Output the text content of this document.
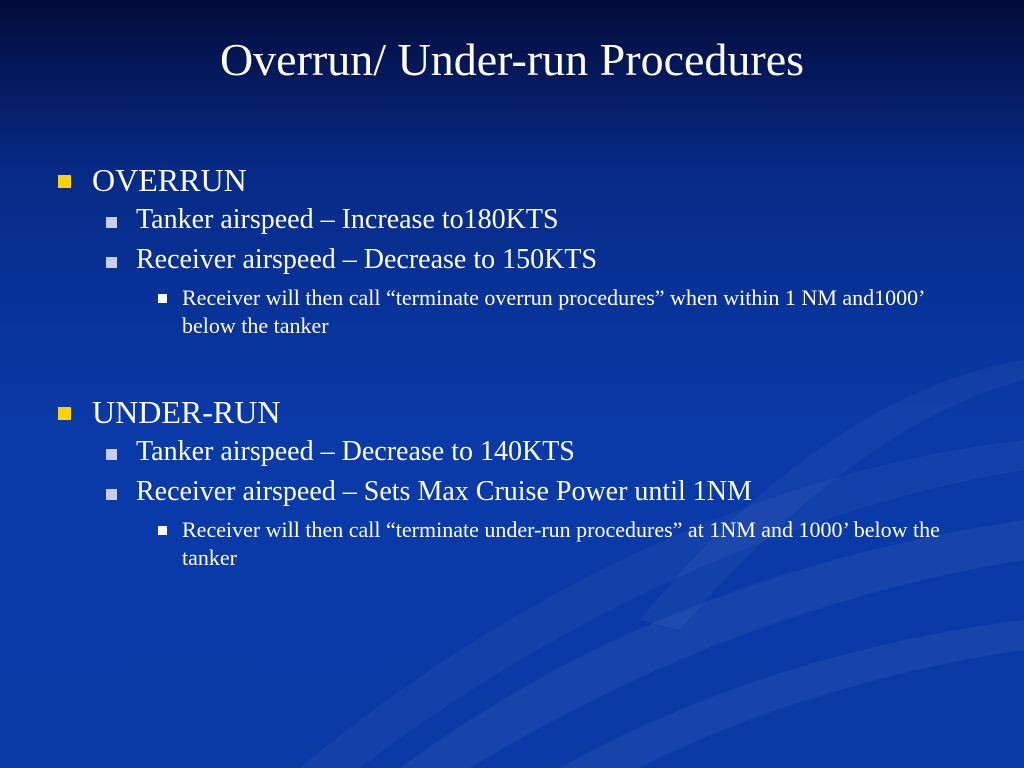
Overrun/ Under-run Procedures
OVERRUN
Tanker airspeed – Increase to180KTS
Receiver airspeed – Decrease to 150KTS
Receiver will then call “terminate overrun procedures” when within 1 NM and1000’ below the tanker
UNDER-RUN
Tanker airspeed – Decrease to 140KTS
Receiver airspeed – Sets Max Cruise Power until 1NM
Receiver will then call “terminate under-run procedures” at 1NM and 1000’ below the tanker
